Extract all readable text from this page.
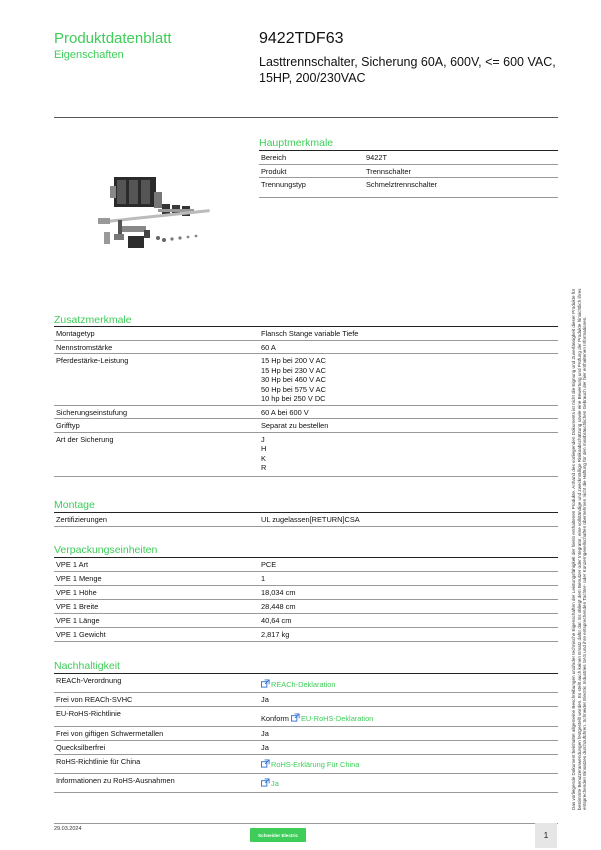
Produktdatenblatt
Eigenschaften
9422TDF63
Lasttrennschalter, Sicherung 60A, 600V, <= 600 VAC, 15HP, 200/230VAC
Hauptmerkmale
Bereich	9422T
Produkt	Trennschalter
Trennungstyp	Schmelztrennschalter
Zusatzmerkmale
Montagetyp	Flansch Stange variable Tiefe
Nennstromstärke	60 A
Pferdestärke-Leistung	15 Hp bei 200 V AC
15 Hp bei 230 V AC
30 Hp bei 460 V AC
50 Hp bei 575 V AC
10 hp bei 250 V DC
Sicherungseinstufung	60 A bei 600 V
Grifftyp	Separat zu bestellen
Art der Sicherung	J
H
K
R
Montage
Zertifizierungen	UL zugelassen[RETURN]CSA
Verpackungseinheiten
VPE 1 Art	PCE
VPE 1 Menge	1
VPE 1 Höhe	18,034 cm
VPE 1 Breite	28,448 cm
VPE 1 Länge	40,64 cm
VPE 1 Gewicht	2,817 kg
Nachhaltigkeit
REACh-Verordnung	REACh-Deklaration
Frei von REACh-SVHC	Ja
EU-RoHS-Richtlinie
Konform EU-RoHS-Deklaration
Frei von giftigen Schwermetallen	Ja
Quecksilberfrei	Ja
RoHS-Richtlinie für China	RoHS-Erklärung Für China
Informationen zu RoHS-Ausnahmen	Ja	Das vorliegende Dokument beinhaltet allgemeine Beschreibungen und/oder technische Eigenschaften der Leistungsfähigkeit der hierin enthaltenen Produkte. Anhand des vorliegenden Dokuments ist nicht die Eignung und Zuverlässigkeit dieser Produkte für bestimmte Benutzeranwendungen festgestellt worden. Es stellt auch keinen Ersatz dafür dar. Es obliegt dem Benutzer oder Integrator, eine vollständige und zweckmäßige Risikoabschätzung sowie eine Bewertung und Prüfung der Produkte hinsichtlich ihres entsprechenden Einsatzes durchzuführen. Schneider Electric Industries SAS und ihre entsprechenden Tochter- oder Konzerngesellschaften übernehmen nicht die Haftung für den missbräuchlichen Gebrauch der hier enthaltenen Informationen.
29.03.2024
Schneider Electric	1
